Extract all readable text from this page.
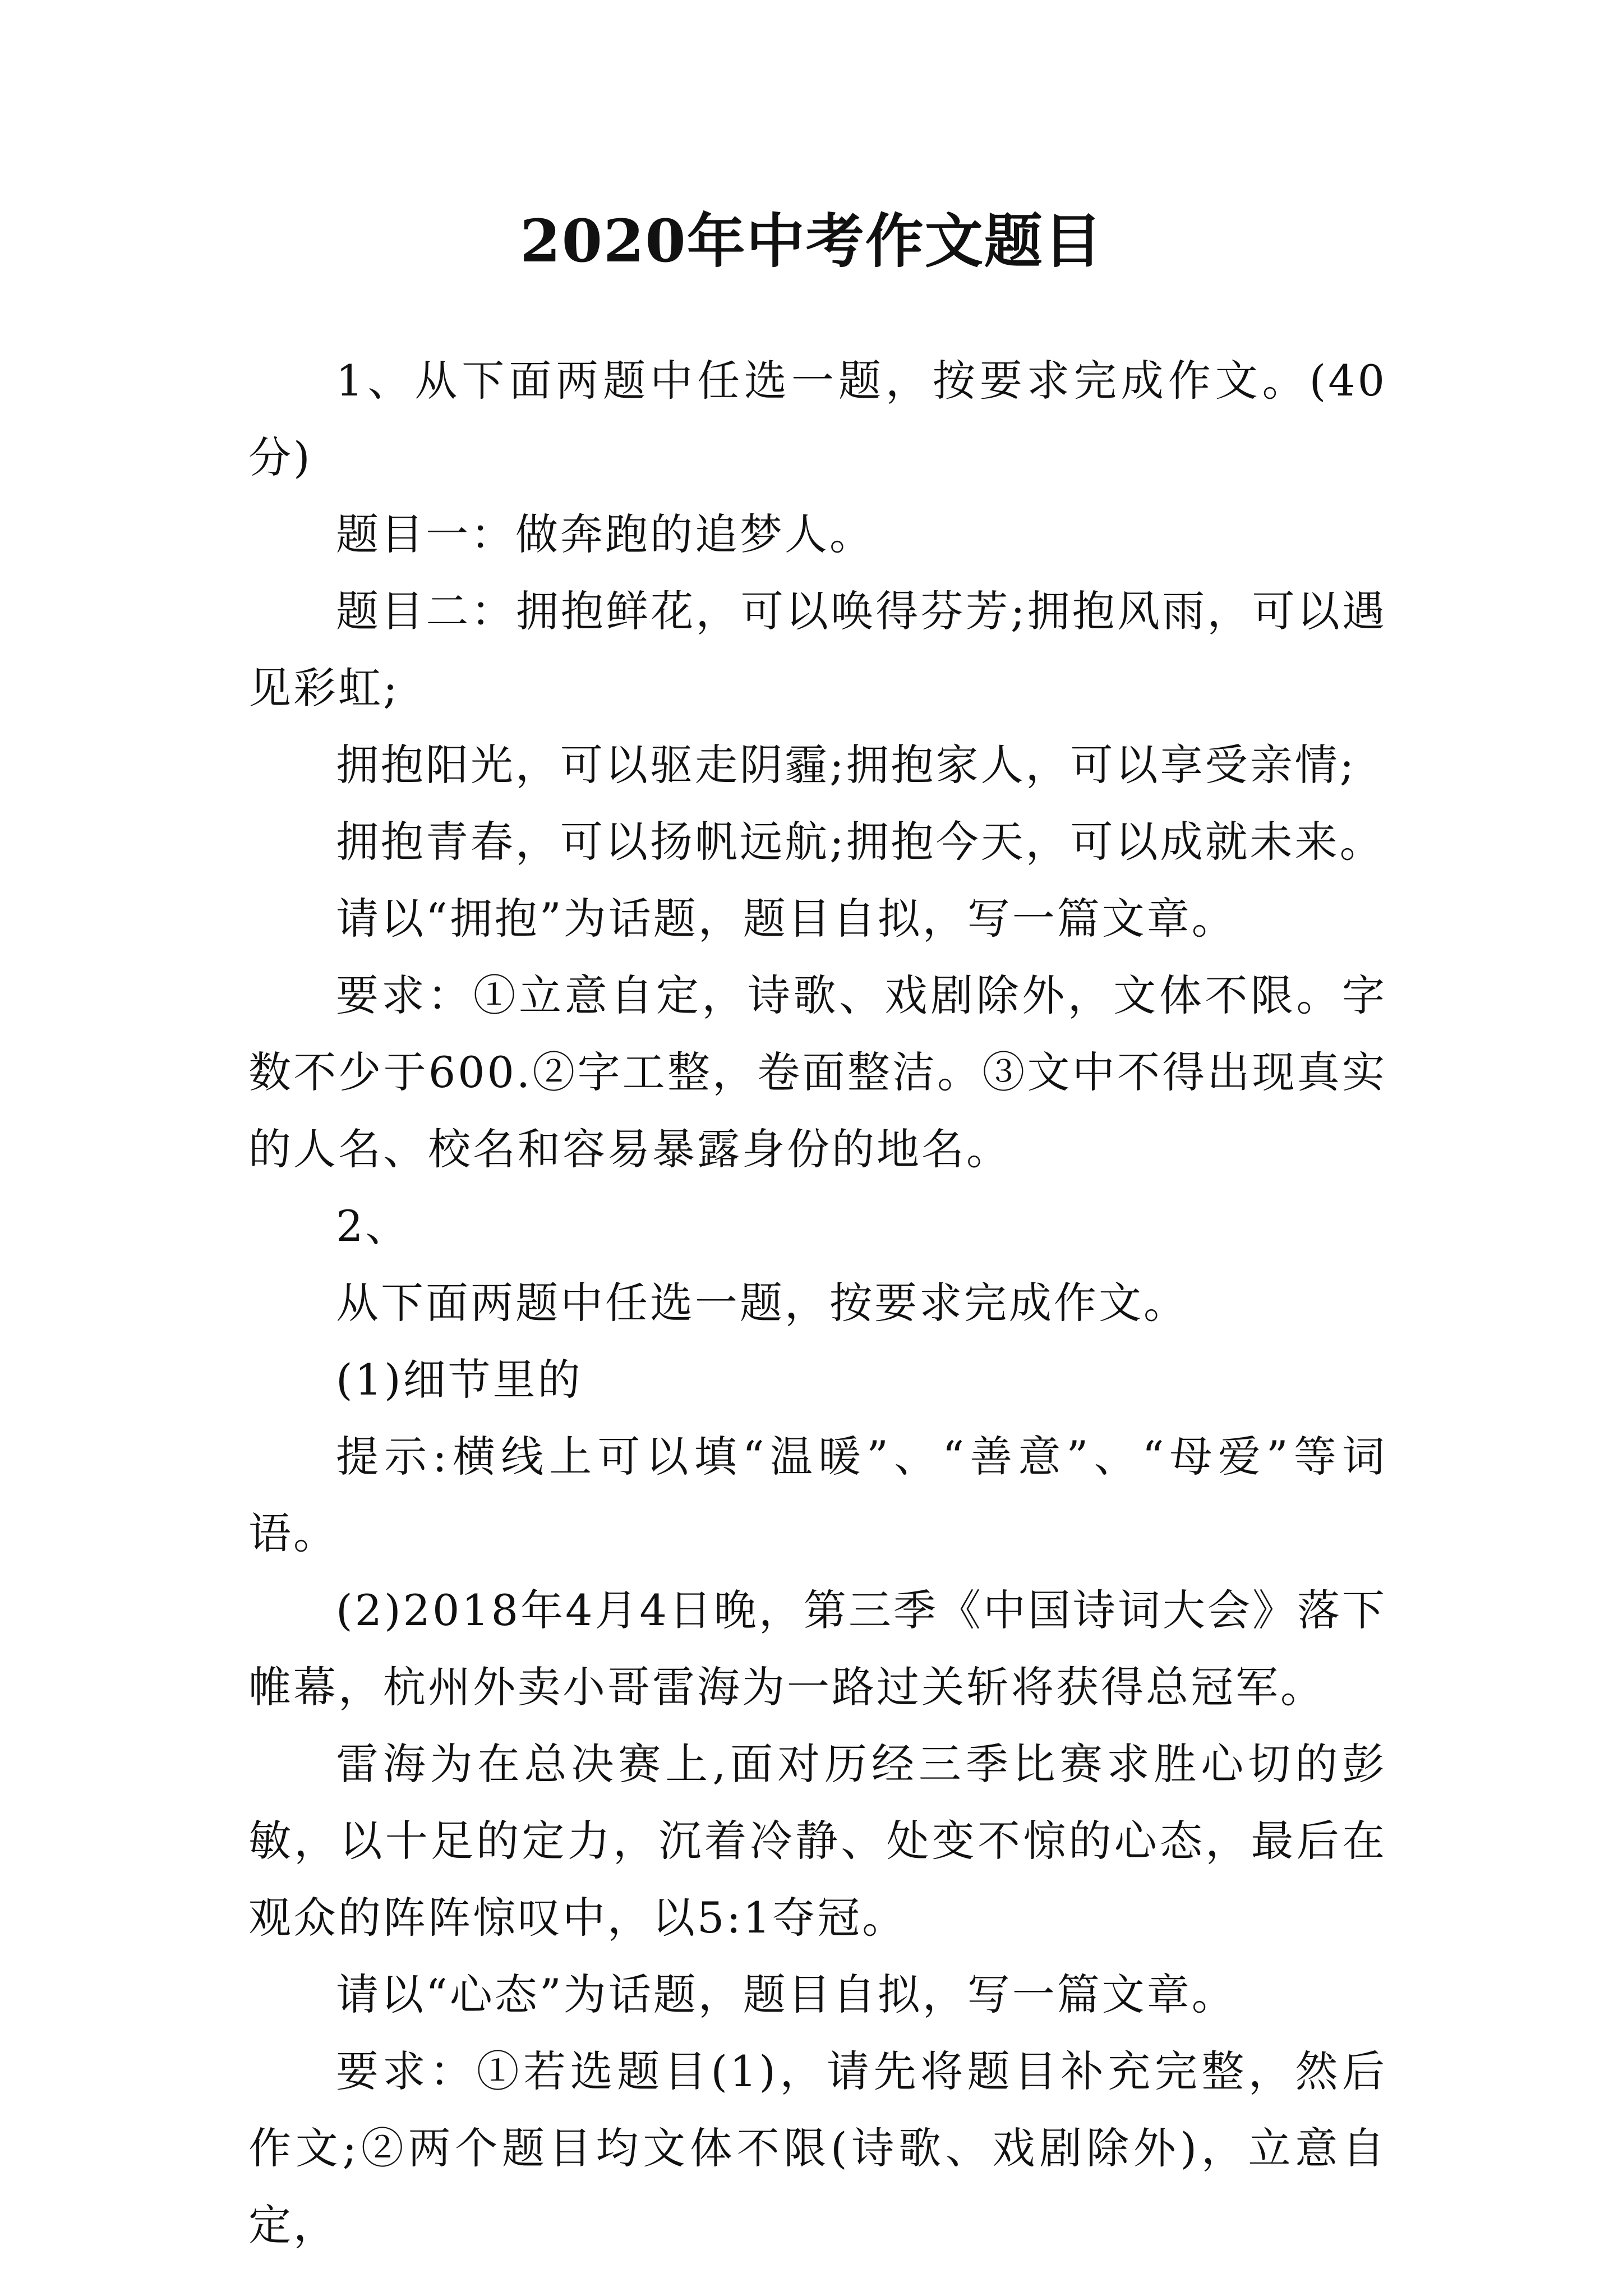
2020年中考作文题目

1、从下面两题中任选一题，按要求完成作文。(40分)

题目一：做奔跑的追梦人。

题目二：拥抱鲜花，可以唤得芬芳;拥抱风雨，可以遇见彩虹;

拥抱阳光，可以驱走阴霾;拥抱家人，可以享受亲情;

拥抱青春，可以扬帆远航;拥抱今天，可以成就未来。

请以“拥抱”为话题，题目自拟，写一篇文章。

要求：①立意自定，诗歌、戏剧除外，文体不限。字数不少于600.②字工整，卷面整洁。③文中不得出现真实的人名、校名和容易暴露身份的地名。

2、

从下面两题中任选一题，按要求完成作文。

(1)细节里的

提示:横线上可以填“温暖”、“善意”、“母爱”等词语。

(2)2018年4月4日晚，第三季《中国诗词大会》落下帷幕，杭州外卖小哥雷海为一路过关斩将获得总冠军。

雷海为在总决赛上,面对历经三季比赛求胜心切的彭敏，以十足的定力，沉着冷静、处变不惊的心态，最后在观众的阵阵惊叹中，以5:1夺冠。

请以“心态”为话题，题目自拟，写一篇文章。

要求：①若选题目(1)，请先将题目补充完整，然后作文;②两个题目均文体不限(诗歌、戏剧除外)，立意自定，
